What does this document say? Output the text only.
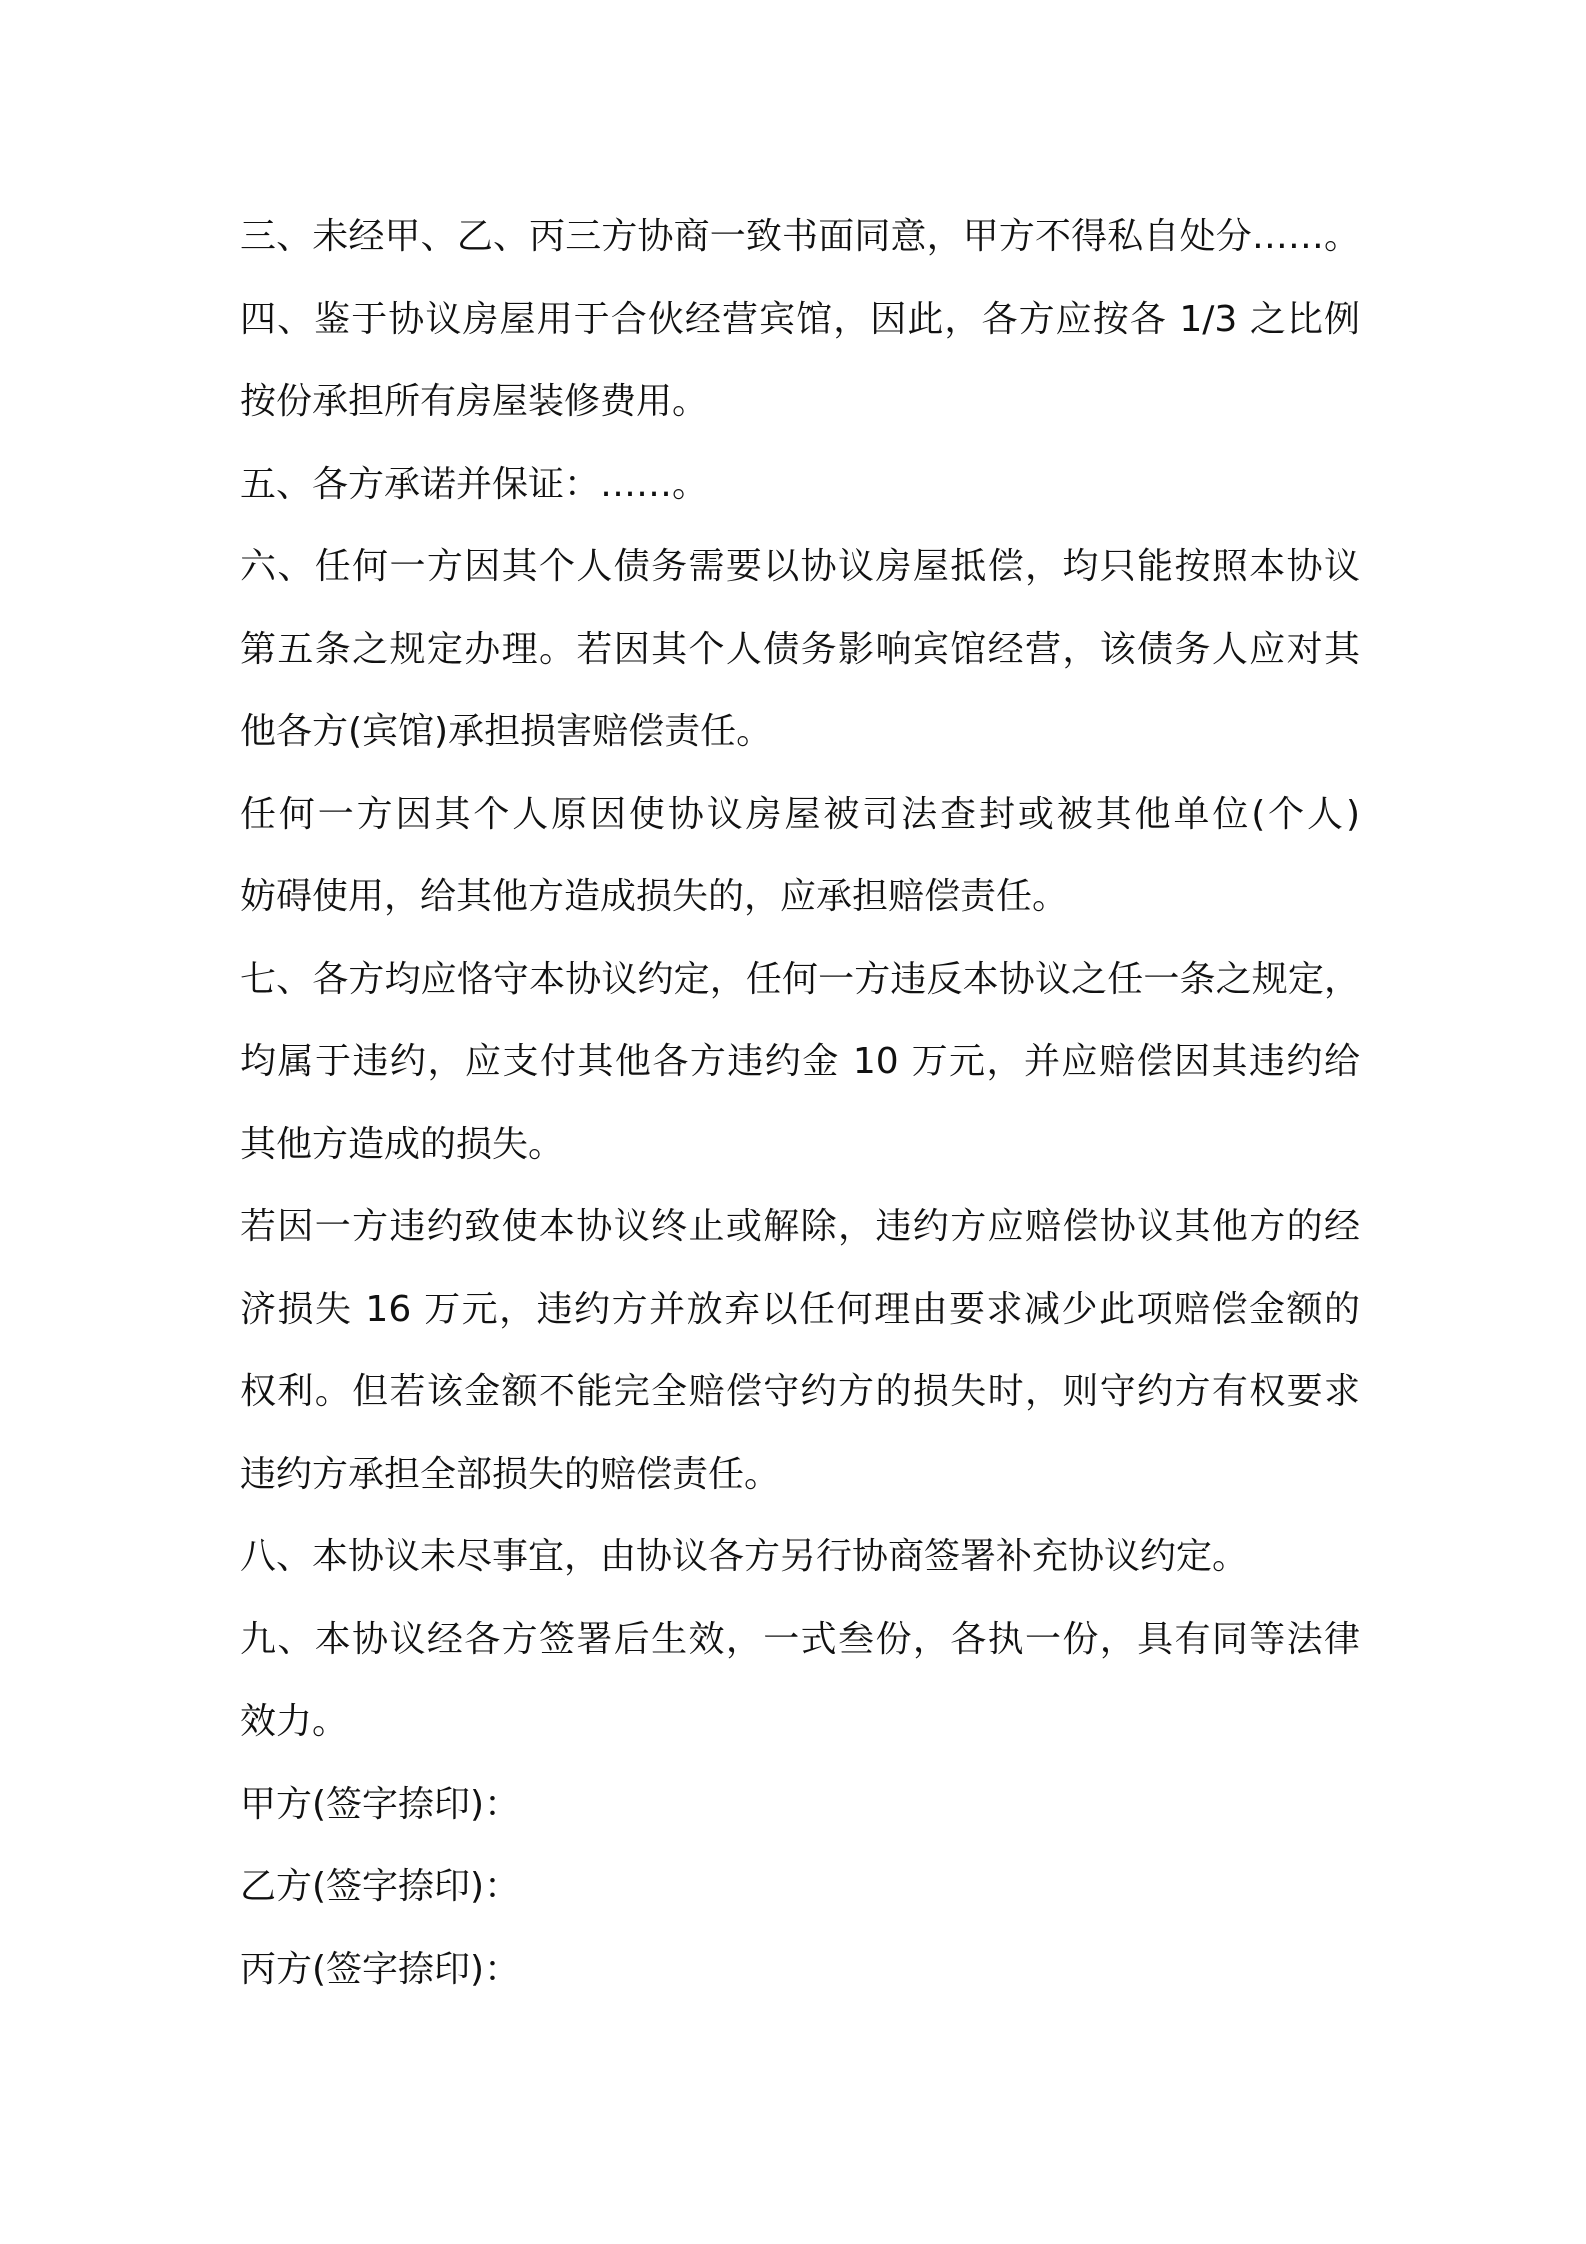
三、未经甲、乙、丙三方协商一致书面同意，甲方不得私自处分……。
四、鉴于协议房屋用于合伙经营宾馆，因此，各方应按各 1/3 之比例
按份承担所有房屋装修费用。
五、各方承诺并保证：……。
六、任何一方因其个人债务需要以协议房屋抵偿，均只能按照本协议
第五条之规定办理。若因其个人债务影响宾馆经营，该债务人应对其
他各方(宾馆)承担损害赔偿责任。
任何一方因其个人原因使协议房屋被司法查封或被其他单位(个人)
妨碍使用，给其他方造成损失的，应承担赔偿责任。
七、各方均应恪守本协议约定，任何一方违反本协议之任一条之规定，
均属于违约，应支付其他各方违约金 10 万元，并应赔偿因其违约给
其他方造成的损失。
若因一方违约致使本协议终止或解除，违约方应赔偿协议其他方的经
济损失 16 万元，违约方并放弃以任何理由要求减少此项赔偿金额的
权利。但若该金额不能完全赔偿守约方的损失时，则守约方有权要求
违约方承担全部损失的赔偿责任。
八、本协议未尽事宜，由协议各方另行协商签署补充协议约定。
九、本协议经各方签署后生效，一式叁份，各执一份，具有同等法律
效力。
甲方(签字捺印)：
乙方(签字捺印)：
丙方(签字捺印)：
